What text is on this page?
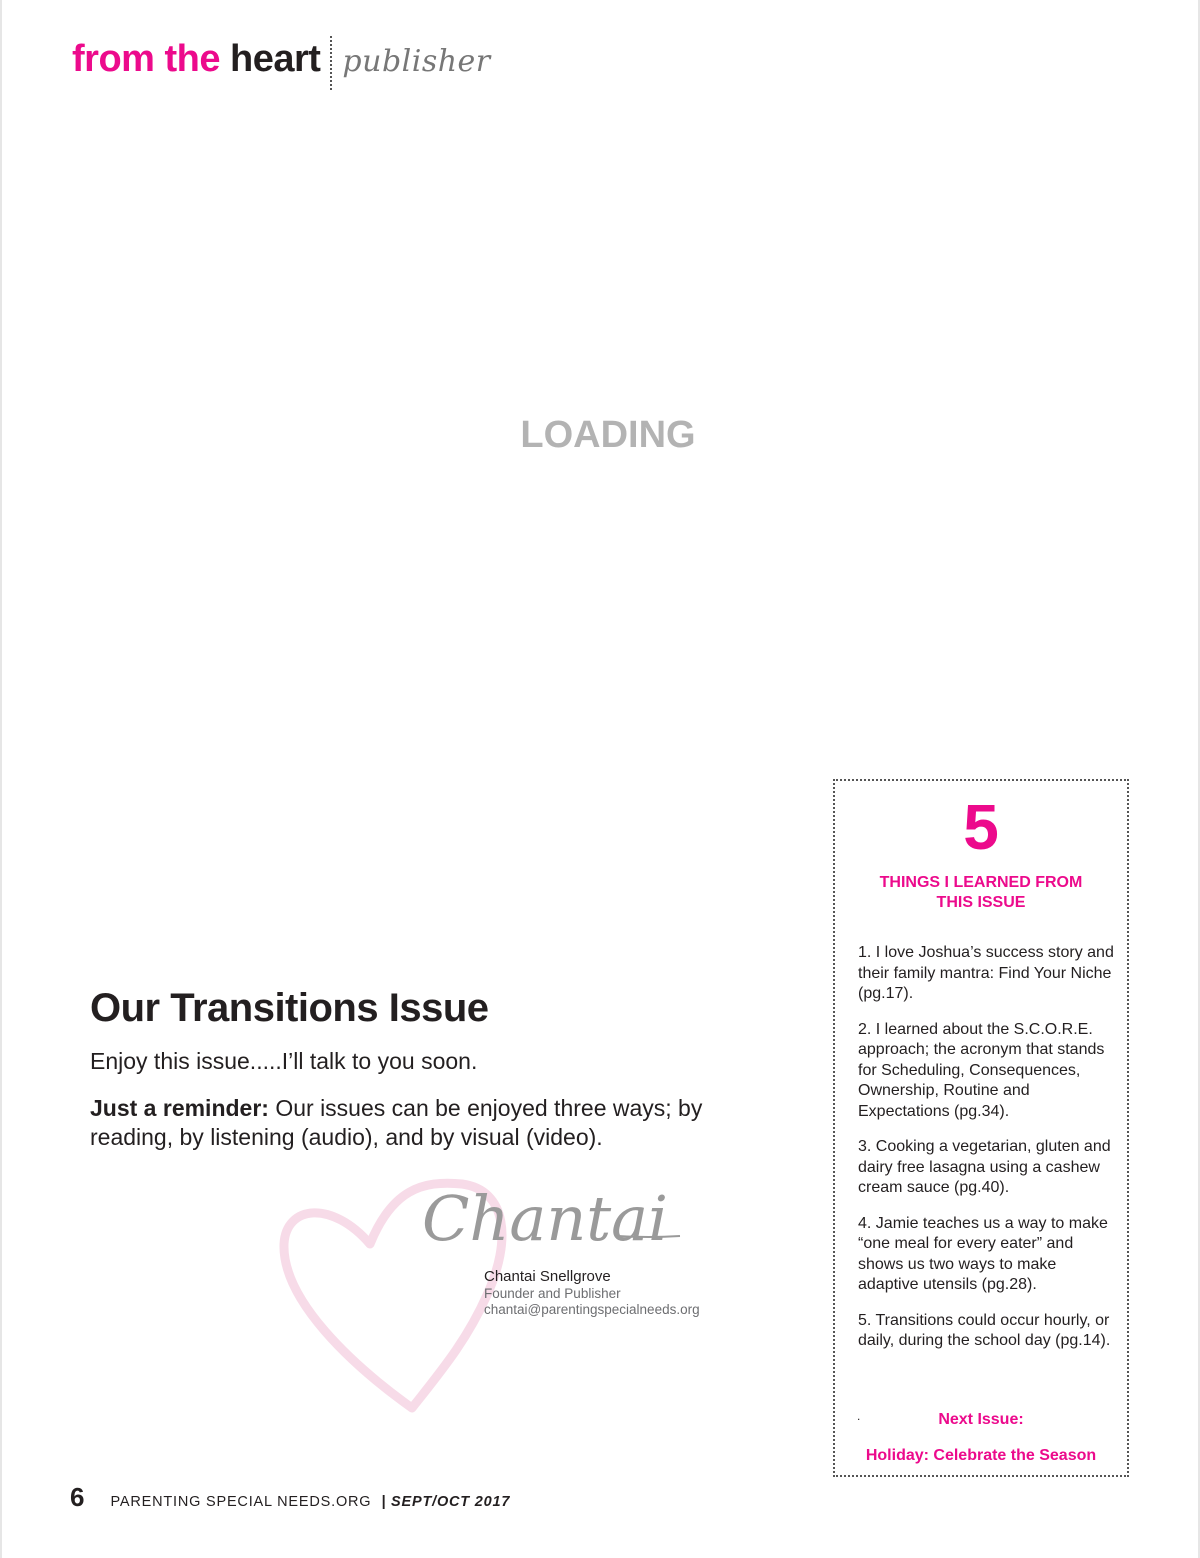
from the heart publisher
LOADING
Our Transitions Issue
Enjoy this issue.....I’ll talk to you soon.
Just a reminder: Our issues can be enjoyed three ways; by reading, by listening (audio), and by visual (video).
Chantai
Chantai Snellgrove
Founder and Publisher
chantai@parentingspecialneeds.org
5
THINGS I LEARNED FROM THIS ISSUE
1. I love Joshua’s success story and their family mantra: Find Your Niche (pg.17).
2. I learned about the S.C.O.R.E. approach; the acronym that stands for Scheduling, Consequences, Ownership, Routine and Expectations (pg.34).
3. Cooking a vegetarian, gluten and dairy free lasagna using a cashew cream sauce (pg.40).
4. Jamie teaches us a way to make “one meal for every eater” and shows us two ways to make adaptive utensils (pg.28).
5. Transitions could occur hourly, or daily, during the school day (pg.14).
.	Next Issue:
Holiday: Celebrate the Season
6 PARENTING SPECIAL NEEDS.ORG | SEPT/OCT 2017
